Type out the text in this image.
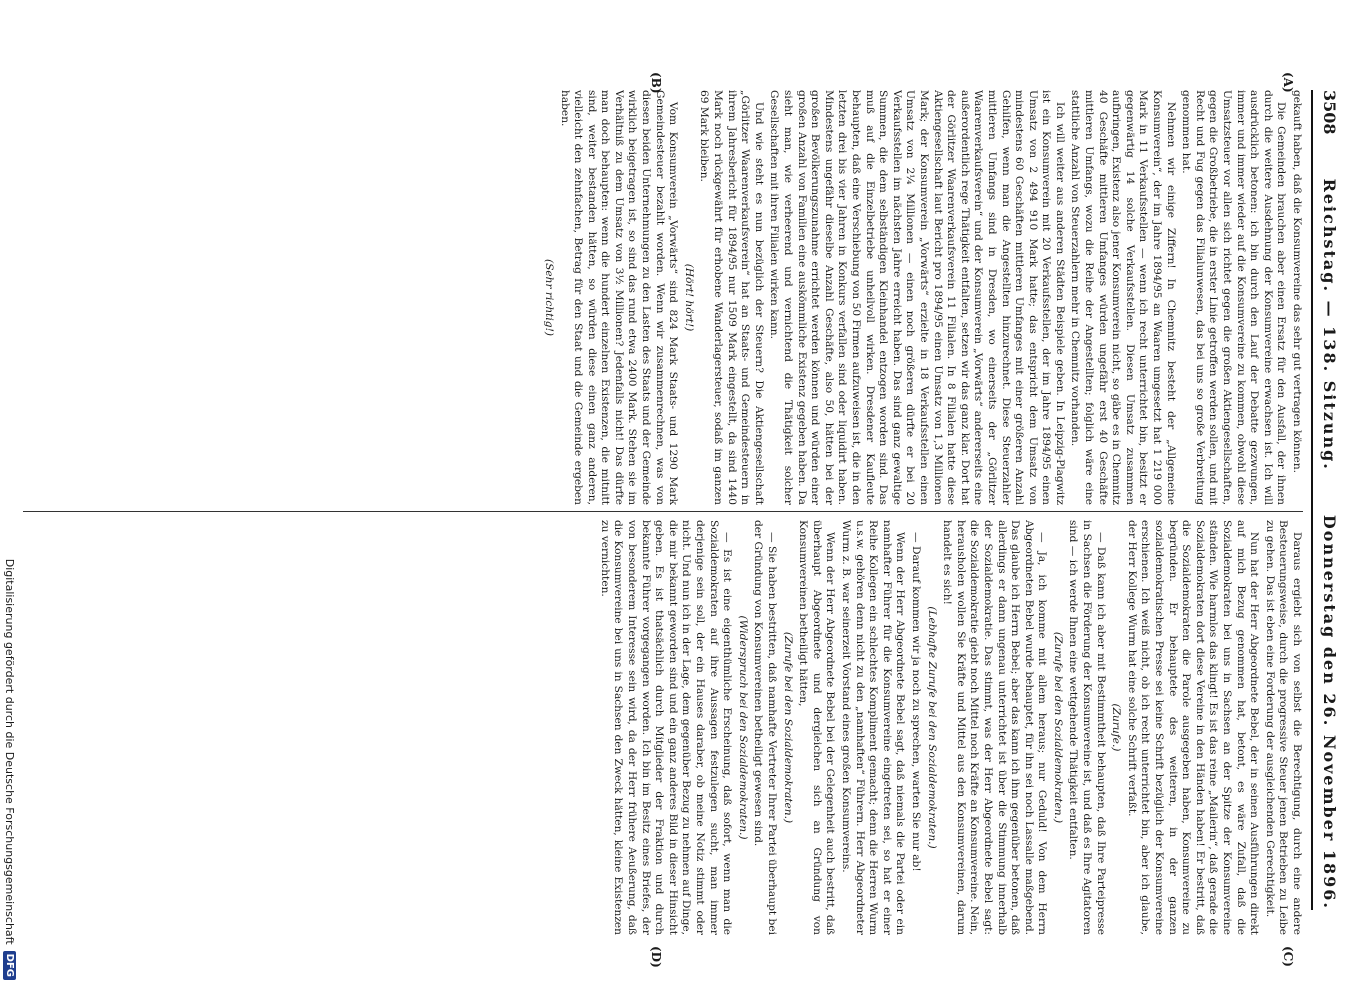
3508
Reichstag. — 138. Sitzung.
Donnerstag den 26. November 1896.
(A)
(B)
(C)
(D)

gekauft haben, daß die Konsumvereine das sehr gut vertragen können.

Die Gemeinden brauchen aber einen Ersatz für den Ausfall, der ihnen durch die weitere Ausdehnung der Konsumvereine erwachsen ist. Ich will ausdrücklich betonen: ich bin durch den Lauf der Debatte gezwungen, immer und immer wieder auf die Konsumvereine zu kommen, obwohl diese Umsatzsteuer vor allen sich richtet gegen die großen Aktiengesellschaften, gegen die Großbetriebe, die in erster Linie getroffen werden sollen, und mit Recht und Fug gegen das Filialunwesen, das bei uns so große Verbreitung genommen hat.

Nehmen wir einige Ziffern! In Chemnitz besteht der „Allgemeine Konsumverein“, der im Jahre 1894/95 an Waaren umgesetzt hat 1 219 000 Mark in 11 Verkaufsstellen — wenn ich recht unterrichtet bin, besitzt er gegenwärtig 14 solche Verkaufsstellen. Diesen Umsatz zusammen aufbringen, Existenz also jener Konsumverein nicht, so gäbe es in Chemnitz 40 Geschäfte mittleren Umfanges würden ungefähr erst 40 Geschäfte mittleren Umfangs, wozu die Reihe der Angestellten; folglich wäre eine stattliche Anzahl von Steuerzahlern mehr in Chemnitz vorhanden.

Ich will weiter aus anderen Städten Beispiele geben. In Leipzig-Plagwitz ist ein Konsumverein mit 20 Verkaufsstellen, der im Jahre 1894/95 einen Umsatz von 2 494 910 Mark hatte; das entspricht dem Umsatz von mindestens 60 Geschäften mittleren Umfanges mit einer größeren Anzahl Gehilfen, wenn man die Angestellten hinzurechnet. Diese Steuerzahler mittleren Umfangs sind in Dresden, wo einerseits der „Görlitzer Waarenverkaufsverein“ und der Konsumverein „Vorwärts“ andererseits eine außerordentlich rege Thätigkeit entfalten, setzen wir das ganz klar. Dort hat der Görlitzer Waarenverkaufsverein 11 Filialen. In 8 Filialen hatte diese Aktiengesellschaft laut Bericht pro 1894/95 einen Umsatz von 1,3 Millionen Mark; der Konsumverein „Vorwärts“ erzielte in 18 Verkaufsstellen einen Umsatz von 2¼ Millionen — einen noch größeren dürfte er bei 20 Verkaufsstellen im nächsten Jahre erreicht haben. Das sind ganz gewaltige Summen, die dem selbständigen Kleinhandel entzogen worden sind. Das muß auf die Einzelbetriebe unheilvoll wirken. Dresdener Kaufleute behaupten, daß eine Verschiebung von 50 Firmen aufzuweisen ist, die in den letzten drei bis vier Jahren in Konkurs verfallen sind oder liquidirt haben. Mindestens ungefähr dieselbe Anzahl Geschäfte, also 50, hätten bei der großen Bevölkerungszunahme errichtet werden können und würden einer großen Anzahl von Familien eine auskömmliche Existenz gegeben haben. Da sieht man, wie verheerend und vernichtend die Thätigkeit solcher Gesellschaften mit ihren Filialen wirken kann.

Und wie steht es nun bezüglich der Steuern? Die Aktiengesellschaft „Görlitzer Waarenverkaufsverein“ hat an Staats- und Gemeindesteuern in ihrem Jahresbericht für 1894/95 nur 1509 Mark eingestellt, da sind 1440 Mark noch rückgewährt für erhobene Wanderlagersteuer, sodaß im ganzen 69 Mark bleiben.

(Hört! hört!)

Vom Konsumverein „Vorwärts“ sind 824 Mark Staats- und 1290 Mark Gemeindesteuer bezahlt worden. Wenn wir zusammenrechnen, was von diesen beiden Unternehmungen zu den Lasten des Staats und der Gemeinde wirklich beigetragen ist, so sind das rund etwa 2400 Mark. Stehen sie im Verhältniß zu dem Umsatz von 3½ Millionen? Jedenfalls nicht! Das dürfte man doch behaupten: wenn die hundert einzelnen Existenzen, die mitnitt sind, weiter bestanden hätten, so würden diese einen ganz anderen, vielleicht den zehnfachen, Betrag für den Staat und die Gemeinde ergeben haben.

(Sehr richtig!)

Daraus ergiebt sich von selbst die Berechtigung, durch eine andere Besteuerungsweise, durch die progressive Steuer jenen Betrieben zu Leibe zu gehen. Das ist eben eine Forderung der ausgleichenden Gerechtigkeit.

Nun hat der Herr Abgeordnete Bebel, der in seinen Ausführungen direkt auf mich Bezug genommen hat, betont, es wäre Zufall, daß die Sozialdemokraten bei uns in Sachsen an der Spitze der Konsumvereine ständen. Wie harmlos das klingt! Es ist das reine „Mailerin“, daß gerade die Sozialdemokraten dort diese Vereine in den Händen haben! Er bestritt, daß die Sozialdemokraten die Parole ausgegeben haben, Konsumvereine zu begründen. Er behauptete des weiteren, in der ganzen sozialdemokratischen Presse sei keine Schrift bezüglich der Konsumvereine erschienen. Ich weiß nicht, ob ich recht unterrichtet bin, aber ich glaube, der Herr Kollege Wurm hat eine solche Schrift verfaßt.

(Zurufe.)

— Daß kann ich aber mit Bestimmtheit behaupten, daß Ihre Parteipresse in Sachsen die Förderung der Konsumvereine ist, und daß es Ihre Agitatoren sind — ich werde Ihnen eine wettgehende Thätigkeit entfalten.

(Zurufe bei den Sozialdemokraten.)

— Ja, ich komme mit allem heraus; nur Geduld! Von dem Herrn Abgeordneten Bebel wurde behauptet, für ihn sei noch Lassalle maßgebend. Das glaube ich Herrn Bebel; aber das kann ich ihm gegenüber betonen, daß allerdings er dann ungenau unterrichtet ist über die Stimmung innerhalb der Sozialdemokratie. Das stimmt, was der Herr Abgeordnete Bebel sagt: die Sozialdemokratie giebt noch Mittel noch Kräfte an Konsumvereine. Nein, herausholen wollen Sie Kräfte und Mittel aus den Konsumvereinen, darum handelt es sich!

(Lebhafte Zurufe bei den Sozialdemokraten.)

— Darauf kommen wir ja noch zu sprechen, warten Sie nur ab!

Wenn der Herr Abgeordnete Bebel sagt, daß niemals die Partei oder ein namhafter Führer für die Konsumvereine eingetreten sei, so hat er einer Reihe Kollegen ein schlechtes Kompliment gemacht; denn die Herren Wurm u.s.w. gehören denn nicht zu den „namhaften“ Führern. Herr Abgeordneter Wurm z. B. war seinerzeit Vorstand eines großen Konsumvereins.

Wenn der Herr Abgeordnete Bebel bei der Gelegenheit auch bestritt, daß überhaupt Abgeordnete und dergleichen sich an Gründung von Konsumvereinen betheiligt hätten,

(Zurufe bei den Sozialdemokraten.)

— Sie haben bestritten, daß namhafte Vertreter Ihrer Partei überhaupt bei der Gründung von Konsumvereinen betheiligt gewesen sind.

(Widerspruch bei den Sozialdemokraten.)

— Es ist eine eigenthümliche Erscheinung, daß sofort, wenn man die Sozialdemokraten auf ihre Aussagen festzulegen sucht, man immer derjenige sein soll, der ein Hauses daraber, ob meine Notiz stimmt oder nicht. Und nun ich in der Lage, dem gegenüber Bezug zu nehmen auf Dinge, die mir bekannt geworden sind und ein ganz anderes Bild in dieser Hinsicht geben. Es ist thatsächlich durch Mitglieder der Fraktion und durch bekannte Führer vorgegangen worden. Ich bin im Besitz eines Briefes, der von besonderem Interesse sein wird, da der Herr frühere Aeußerung, daß die Konsumvereine bei uns in Sachsen den Zweck hätten, kleine Existenzen zu vernichten.

Digitalisierung gefördert durch die Deutsche Forschungsgemeinschaft
DFG
